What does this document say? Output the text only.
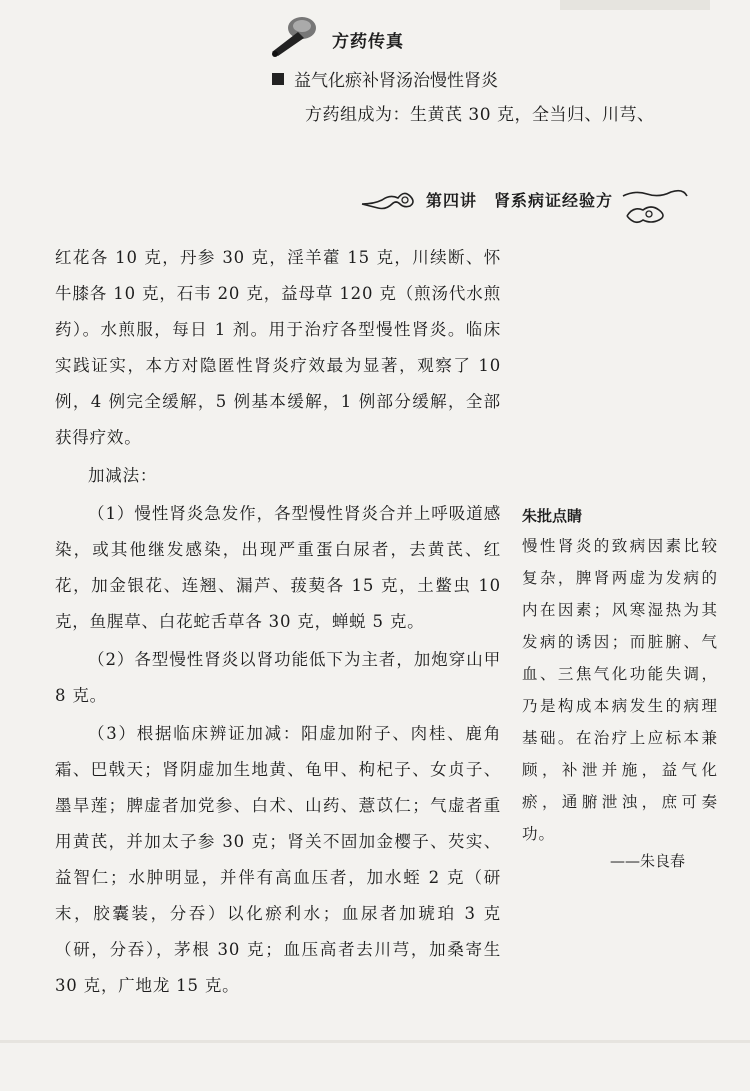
方药传真
益气化瘀补肾汤治慢性肾炎
方药组成为：生黄芪 30 克，全当归、川芎、
第四讲　肾系病证经验方

红花各 10 克，丹参 30 克，淫羊藿 15 克，川续断、怀牛膝各 10 克，石韦 20 克，益母草 120 克（煎汤代水煎药）。水煎服，每日 1 剂。用于治疗各型慢性肾炎。临床实践证实，本方对隐匿性肾炎疗效最为显著，观察了 10 例，4 例完全缓解，5 例基本缓解，1 例部分缓解，全部获得疗效。

加减法：

（1）慢性肾炎急发作，各型慢性肾炎合并上呼吸道感染，或其他继发感染，出现严重蛋白尿者，去黄芪、红花，加金银花、连翘、漏芦、菝葜各 15 克，土鳖虫 10 克，鱼腥草、白花蛇舌草各 30 克，蝉蜕 5 克。

（2）各型慢性肾炎以肾功能低下为主者，加炮穿山甲 8 克。

（3）根据临床辨证加减：阳虚加附子、肉桂、鹿角霜、巴戟天；肾阴虚加生地黄、龟甲、枸杞子、女贞子、墨旱莲；脾虚者加党参、白术、山药、薏苡仁；气虚者重用黄芪，并加太子参 30 克；肾关不固加金樱子、芡实、益智仁；水肿明显，并伴有高血压者，加水蛭 2 克（研末，胶囊装，分吞）以化瘀利水；血尿者加琥珀 3 克（研，分吞），茅根 30 克；血压高者去川芎，加桑寄生 30 克，广地龙 15 克。

朱批点睛
慢性肾炎的致病因素比较复杂，脾肾两虚为发病的内在因素；风寒湿热为其发病的诱因；而脏腑、气血、三焦气化功能失调，乃是构成本病发生的病理基础。在治疗上应标本兼顾，补泄并施，益气化瘀，通腑泄浊，庶可奏功。
——朱良春
